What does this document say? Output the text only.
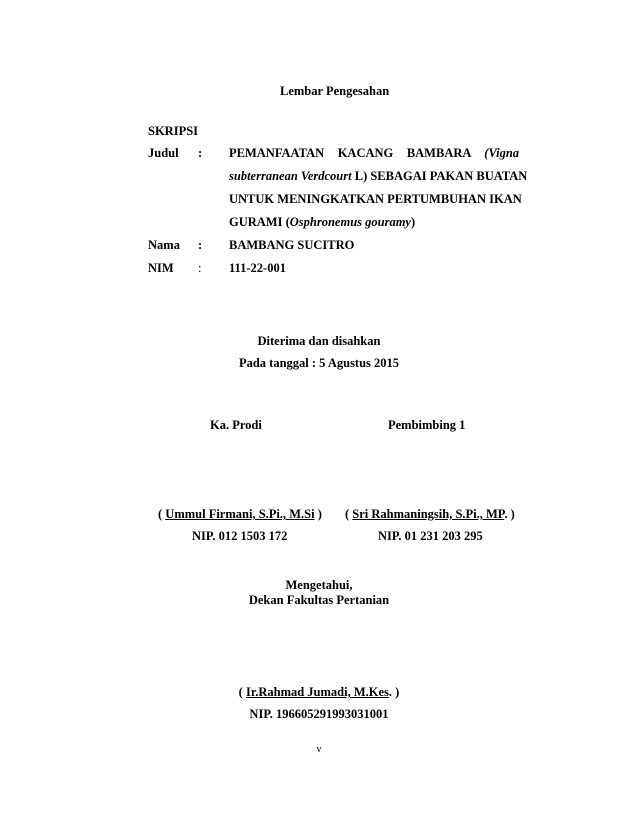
Lembar Pengesahan
SKRIPSI
Judul : PEMANFAATAN KACANG BAMBARA (Vigna
subterranean Verdcourt L) SEBAGAI PAKAN BUATAN
UNTUK MENINGKATKAN PERTUMBUHAN IKAN
GURAMI (Osphronemus gouramy)
Nama : BAMBANG SUCITRO
NIM : 111-22-001
Diterima dan disahkan
Pada tanggal : 5 Agustus 2015
Ka. Prodi	Pembimbing 1
( Ummul Firmani, S.Pi., M.Si ) ( Sri Rahmaningsih, S.Pi., MP. )
NIP. 012 1503 172	NIP. 01 231 203 295
Mengetahui,
Dekan Fakultas Pertanian
( Ir.Rahmad Jumadi, M.Kes. )
NIP. 196605291993031001
v
